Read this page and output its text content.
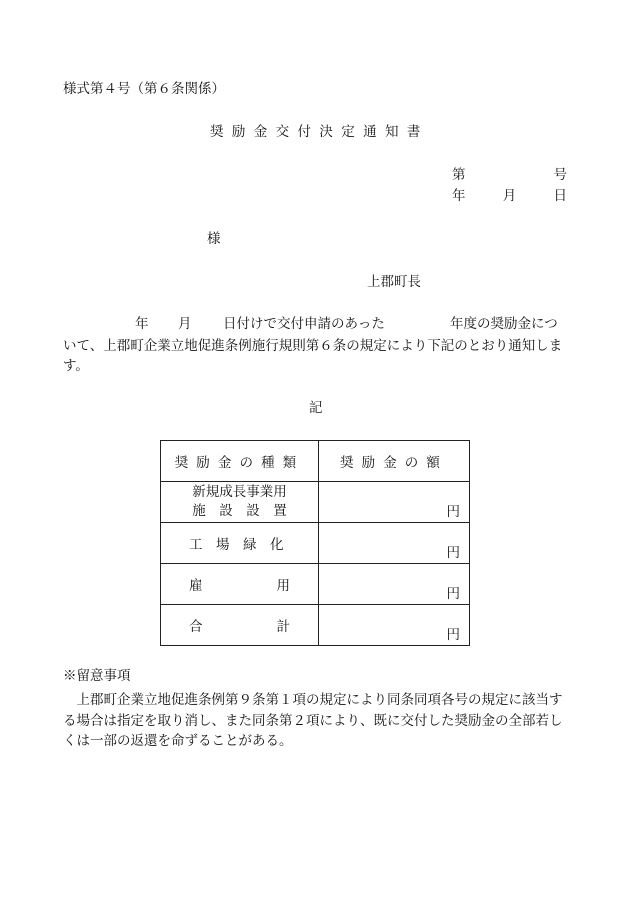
様式第４号（第６条関係）
奨励金交付決定通知書
第	号
年	月	日
様
上郡町長
年 月 日付けで交付申請のあった	年度の奨励金につ
いて、上郡町企業立地促進条例施行規則第６条の規定により下記のとおり通知します。
記
奨励金の種類	奨励金の額

新規成長事業用
施　設　設　置	円

工　場　緑　化	円

雇 用	円

合 計	円
※留意事項
上郡町企業立地促進条例第９条第１項の規定により同条同項各号の規定に該当する場合は指定を取り消し、また同条第２項により、既に交付した奨励金の全部若しくは一部の返還を命ずることがある。
